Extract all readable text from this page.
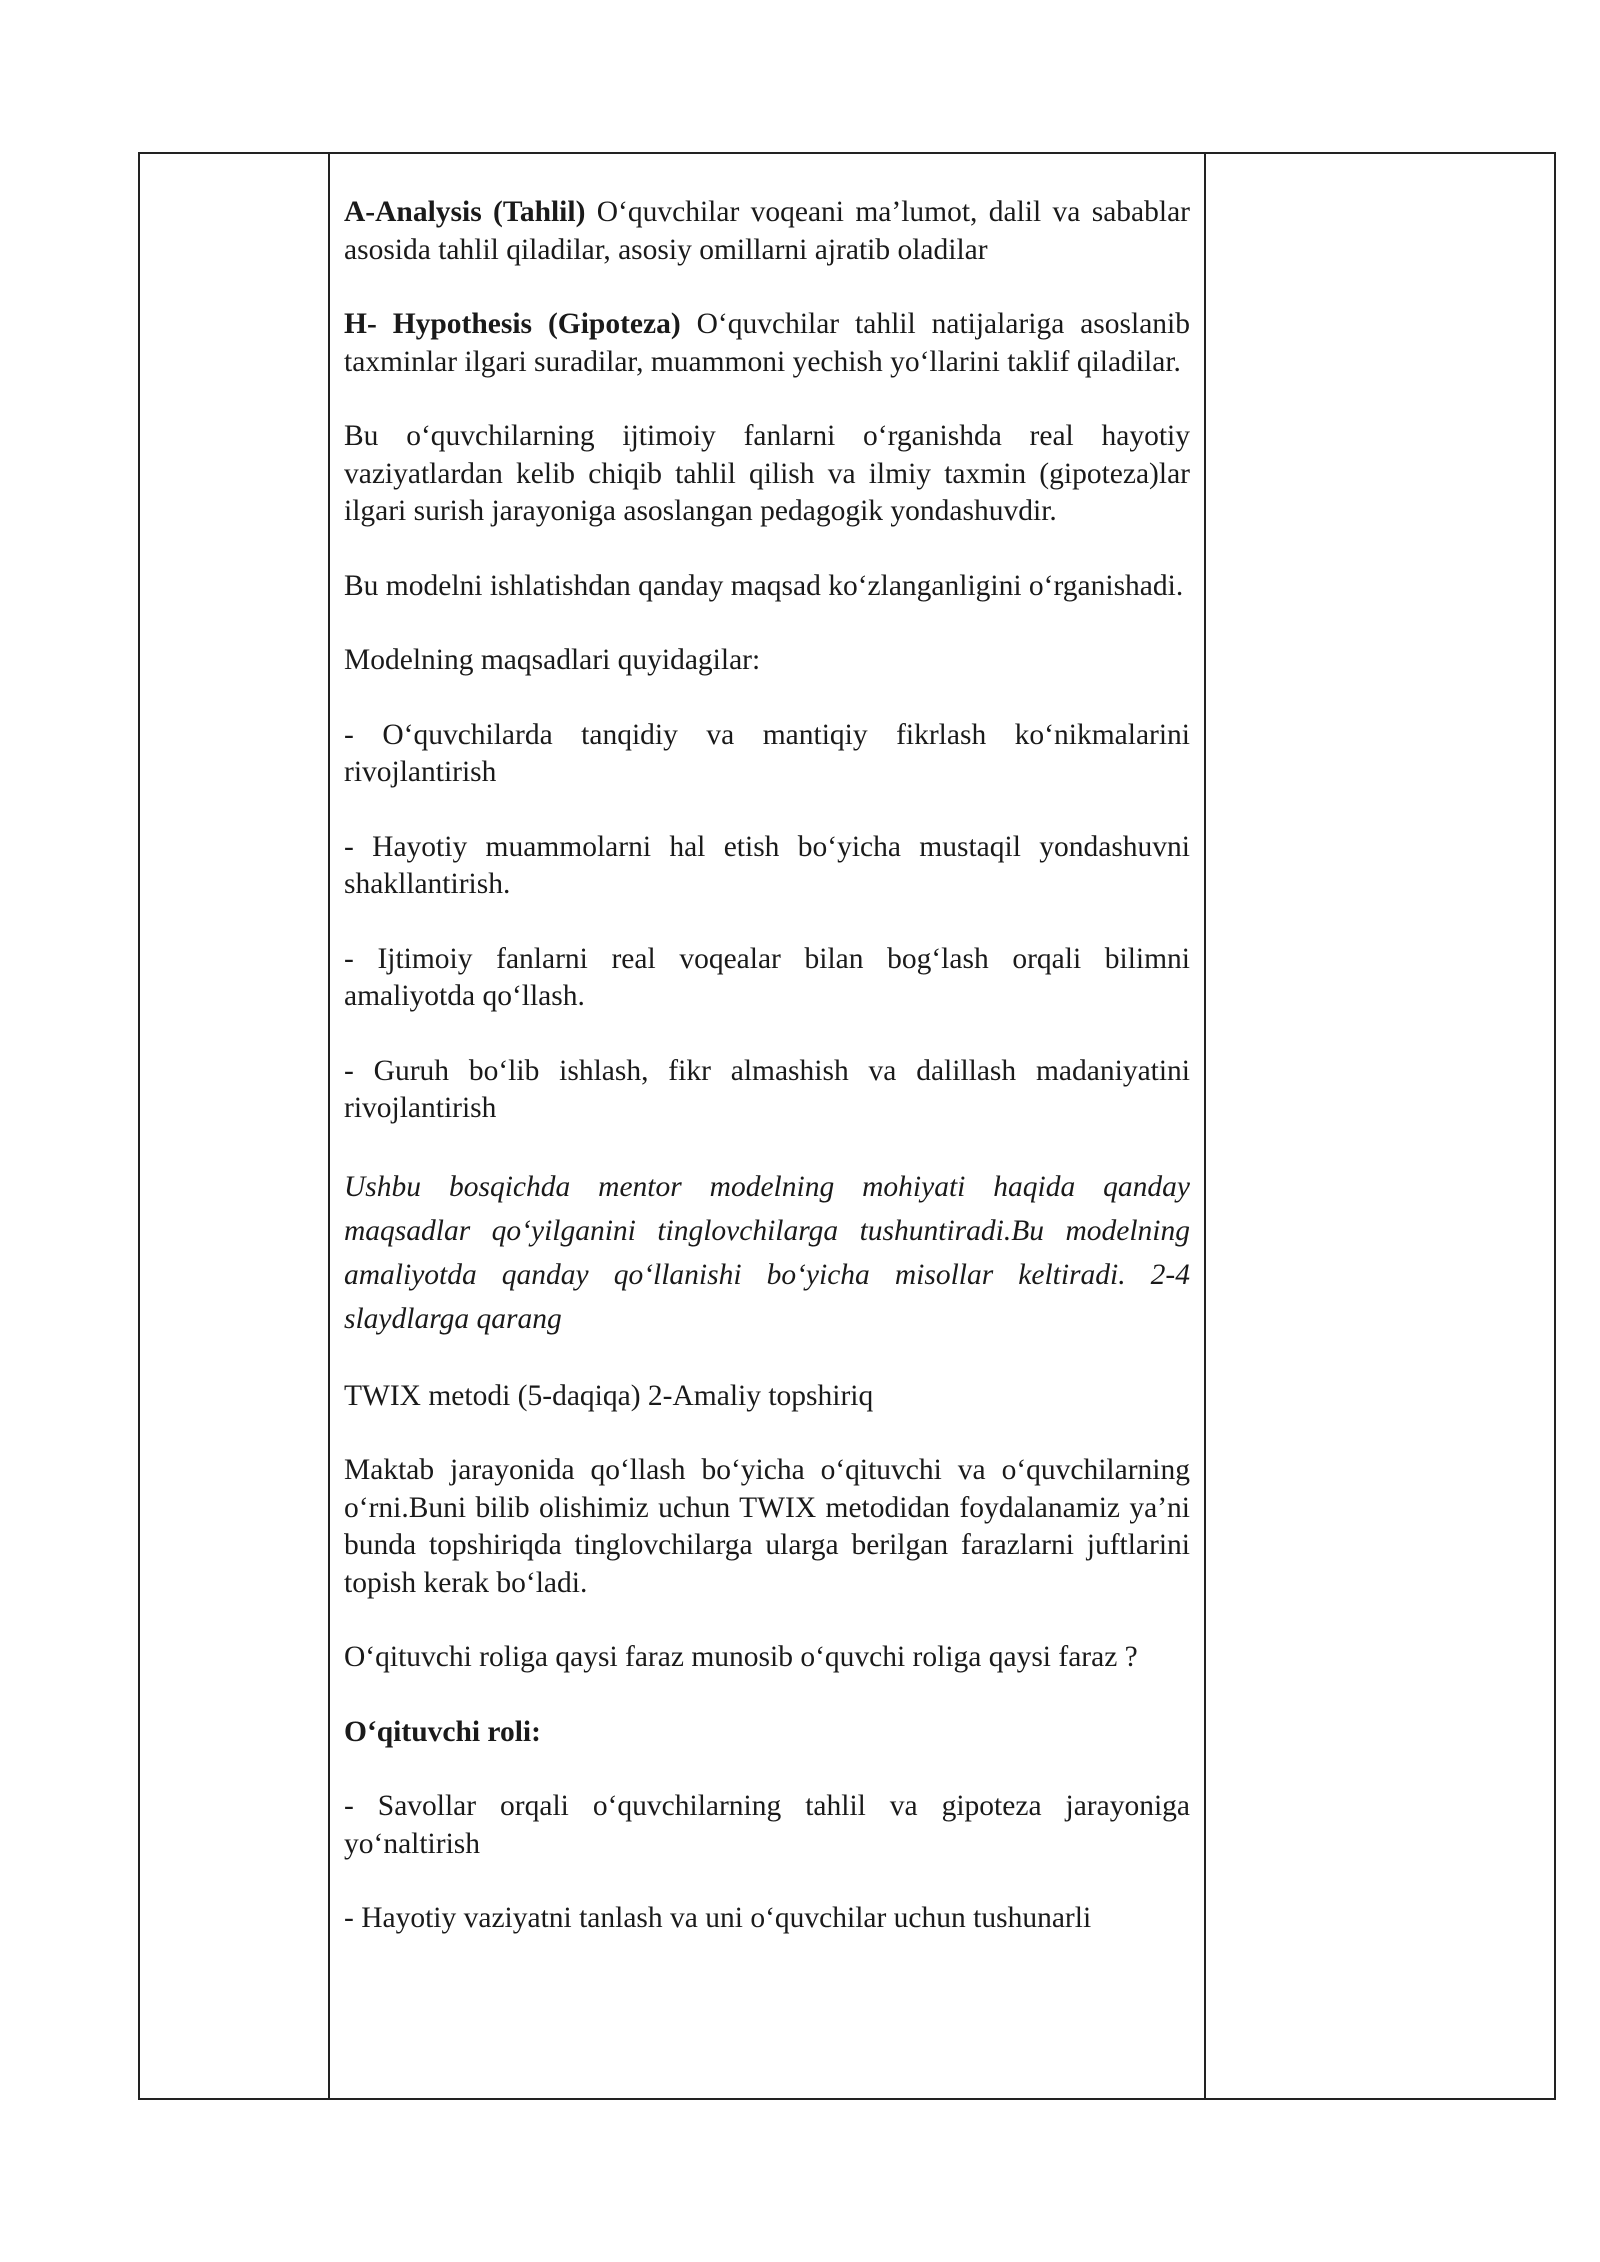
A-Analysis (Tahlil) O‘quvchilar voqeani ma’lumot, dalil va sabablar asosida tahlil qiladilar, asosiy omillarni ajratib oladilar

H- Hypothesis (Gipoteza) O‘quvchilar tahlil natijalariga asoslanib taxminlar ilgari suradilar, muammoni yechish yo‘llarini taklif qiladilar.

Bu o‘quvchilarning ijtimoiy fanlarni o‘rganishda real hayotiy vaziyatlardan kelib chiqib tahlil qilish va ilmiy taxmin (gipoteza)lar ilgari surish jarayoniga asoslangan pedagogik yondashuvdir.

Bu modelni ishlatishdan qanday maqsad ko‘zlanganligini o‘rganishadi.

Modelning maqsadlari quyidagilar:

- O‘quvchilarda tanqidiy va mantiqiy fikrlash ko‘nikmalarini rivojlantirish

- Hayotiy muammolarni hal etish bo‘yicha mustaqil yondashuvni shakllantirish.

- Ijtimoiy fanlarni real voqealar bilan bog‘lash orqali bilimni amaliyotda qo‘llash.

- Guruh bo‘lib ishlash, fikr almashish va dalillash madaniyatini rivojlantirish

Ushbu bosqichda mentor modelning mohiyati haqida qanday maqsadlar qo‘yilganini tinglovchilarga tushuntiradi.Bu modelning amaliyotda qanday qo‘llanishi bo‘yicha misollar keltiradi. 2-4 slaydlarga qarang

TWIX metodi (5-daqiqa) 2-Amaliy topshiriq

Maktab jarayonida qo‘llash bo‘yicha o‘qituvchi va o‘quvchilarning o‘rni.Buni bilib olishimiz uchun TWIX metodidan foydalanamiz ya’ni bunda topshiriqda tinglovchilarga ularga berilgan farazlarni juftlarini topish kerak bo‘ladi.

O‘qituvchi roliga qaysi faraz munosib o‘quvchi roliga qaysi faraz ?

O‘qituvchi roli:

- Savollar orqali o‘quvchilarning tahlil va gipoteza jarayoniga yo‘naltirish

- Hayotiy vaziyatni tanlash va uni o‘quvchilar uchun tushunarli
